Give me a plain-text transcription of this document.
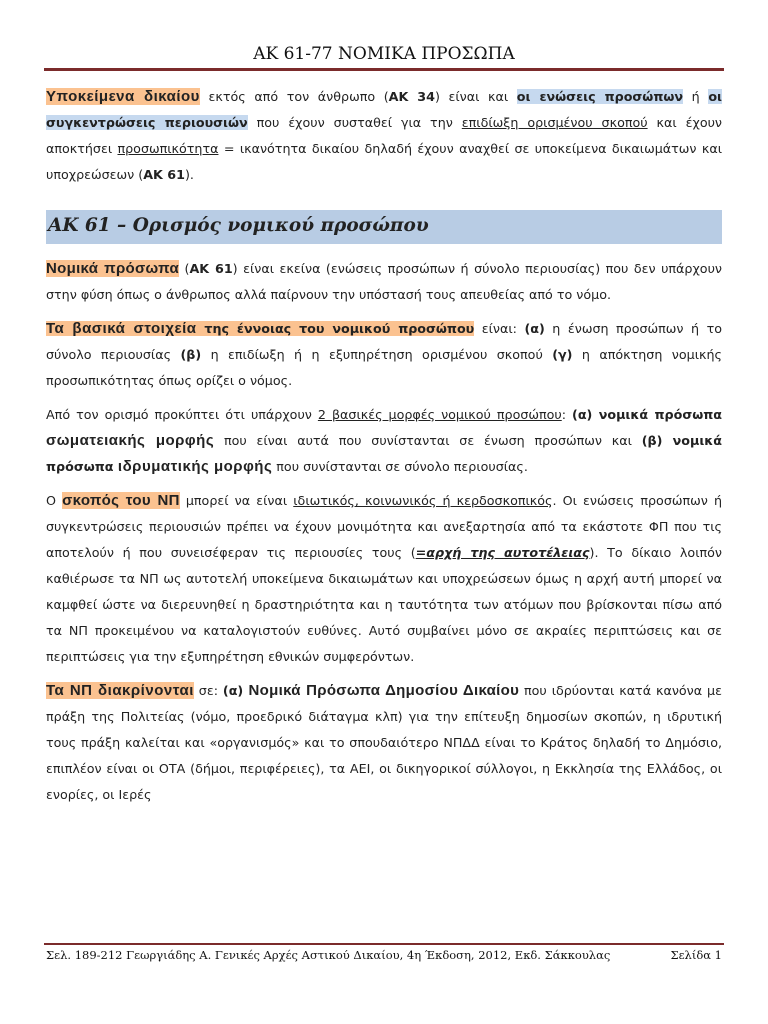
ΑΚ 61-77 ΝΟΜΙΚΑ ΠΡΟΣΩΠΑ

Υποκείμενα δικαίου εκτός από τον άνθρωπο (ΑΚ 34) είναι και οι ενώσεις προσώπων ή οι συγκεντρώσεις περιουσιών που έχουν συσταθεί για την επιδίωξη ορισμένου σκοπού και έχουν αποκτήσει προσωπικότητα = ικανότητα δικαίου δηλαδή έχουν αναχθεί σε υποκείμενα δικαιωμάτων και υποχρεώσεων (ΑΚ 61).

ΑΚ 61 – Ορισμός νομικού προσώπου

Νομικά πρόσωπα (ΑΚ 61) είναι εκείνα (ενώσεις προσώπων ή σύνολο περιουσίας) που δεν υπάρχουν στην φύση όπως ο άνθρωπος αλλά παίρνουν την υπόστασή τους απευθείας από το νόμο.

Τα βασικά στοιχεία της έννοιας του νομικού προσώπου είναι: (α) η ένωση προσώπων ή το σύνολο περιουσίας (β) η επιδίωξη ή η εξυπηρέτηση ορισμένου σκοπού (γ) η απόκτηση νομικής προσωπικότητας όπως ορίζει ο νόμος.

Από τον ορισμό προκύπτει ότι υπάρχουν 2 βασικές μορφές νομικού προσώπου: (α) νομικά πρόσωπα σωματειακής μορφής που είναι αυτά που συνίστανται σε ένωση προσώπων και (β) νομικά πρόσωπα ιδρυματικής μορφής που συνίστανται σε σύνολο περιουσίας.

Ο σκοπός του ΝΠ μπορεί να είναι ιδιωτικός, κοινωνικός ή κερδοσκοπικός. Οι ενώσεις προσώπων ή συγκεντρώσεις περιουσιών πρέπει να έχουν μονιμότητα και ανεξαρτησία από τα εκάστοτε ΦΠ που τις αποτελούν ή που συνεισέφεραν τις περιουσίες τους (=αρχή της αυτοτέλειας). Το δίκαιο λοιπόν καθιέρωσε τα ΝΠ ως αυτοτελή υποκείμενα δικαιωμάτων και υποχρεώσεων όμως η αρχή αυτή μπορεί να καμφθεί ώστε να διερευνηθεί η δραστηριότητα και η ταυτότητα των ατόμων που βρίσκονται πίσω από τα ΝΠ προκειμένου να καταλογιστούν ευθύνες. Αυτό συμβαίνει μόνο σε ακραίες περιπτώσεις και σε περιπτώσεις για την εξυπηρέτηση εθνικών συμφερόντων.

Τα ΝΠ διακρίνονται σε: (α) Νομικά Πρόσωπα Δημοσίου Δικαίου που ιδρύονται κατά κανόνα με πράξη της Πολιτείας (νόμο, προεδρικό διάταγμα κλπ) για την επίτευξη δημοσίων σκοπών, η ιδρυτική τους πράξη καλείται και «οργανισμός» και το σπουδαιότερο ΝΠΔΔ είναι το Κράτος δηλαδή το Δημόσιο, επιπλέον είναι οι ΟΤΑ (δήμοι, περιφέρειες), τα ΑΕΙ, οι δικηγορικοί σύλλογοι, η Εκκλησία της Ελλάδος, οι ενορίες, οι Ιερές

Σελ. 189-212 Γεωργιάδης Α. Γενικές Αρχές Αστικού Δικαίου, 4η Έκδοση, 2012, Εκδ. Σάκκουλας	Σελίδα 1
